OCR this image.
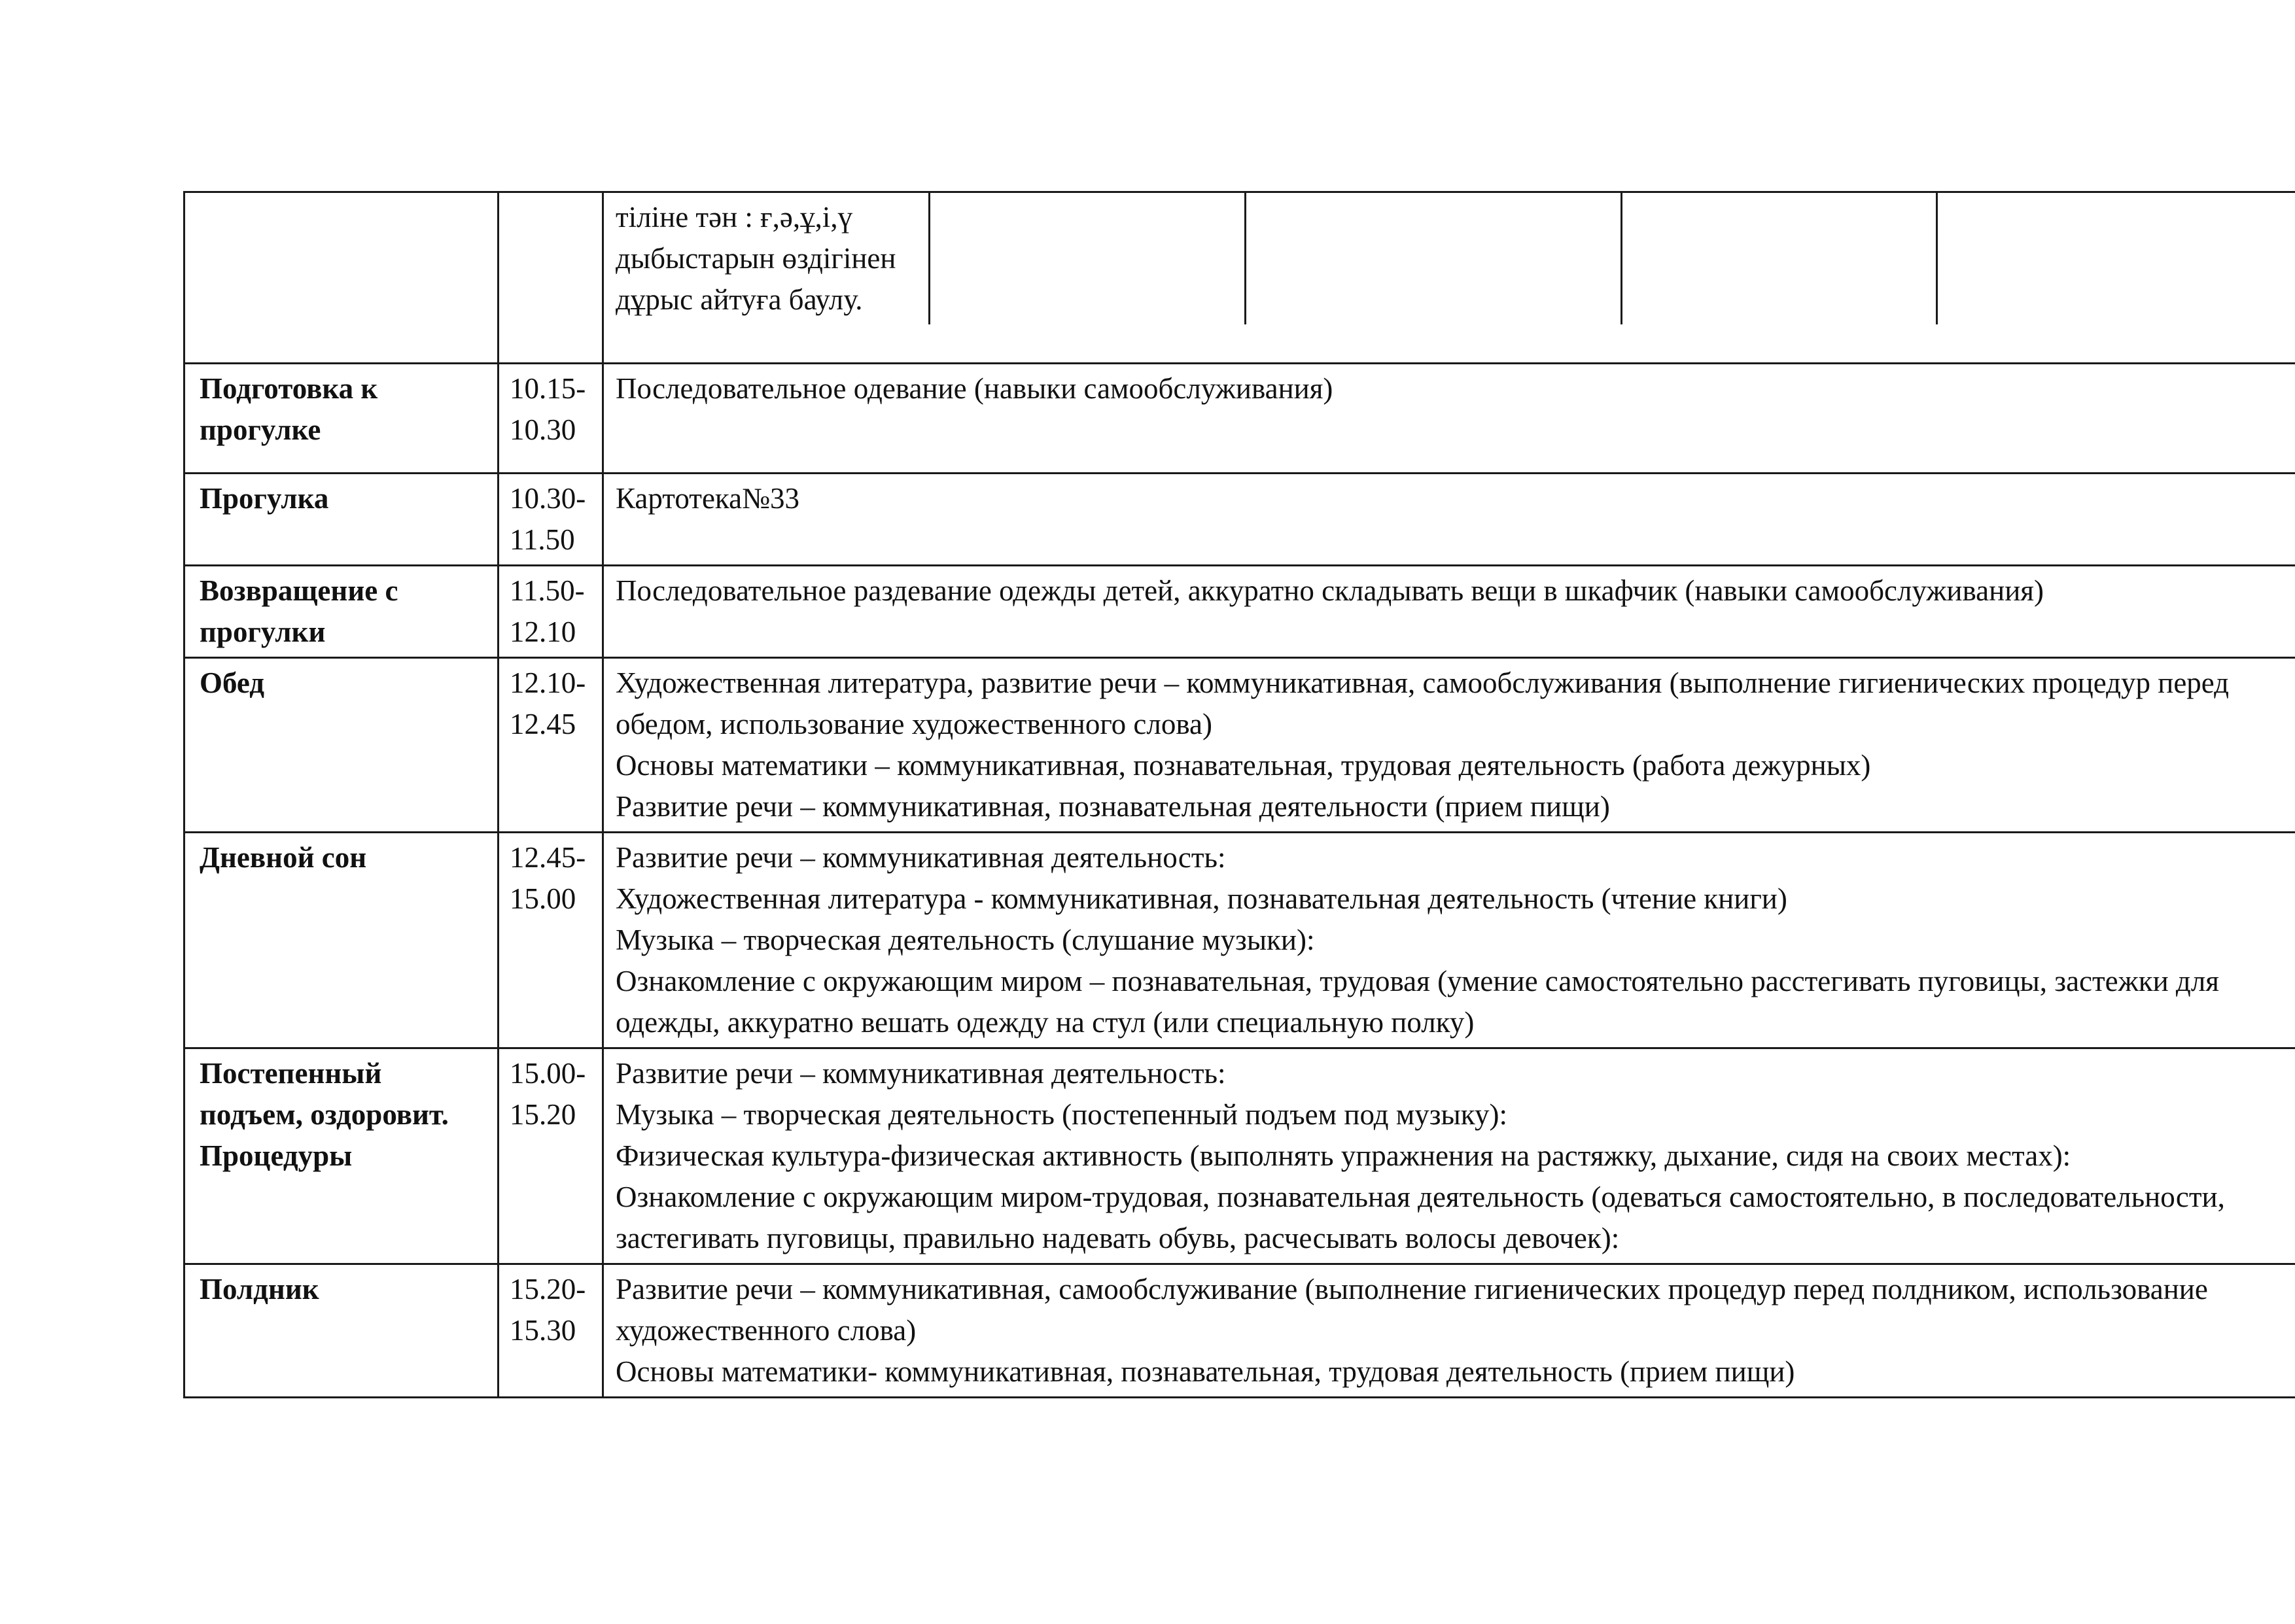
тіліне тән : ғ,ә,ұ,і,ү дыбыстарын өздігінен дұрыс айтуға баулу.				

Подготовка к прогулке	10.15-10.30	
Последовательное одевание (навыки самообслуживания)

Прогулка	10.30-11.50	
Картотека№33

Возвращение с прогулки	11.50-12.10	
Последовательное раздевание одежды детей, аккуратно складывать вещи в шкафчик (навыки самообслуживания)

Обед	12.10-12.45	
Художественная литература, развитие речи – коммуникативная, самообслуживания (выполнение гигиенических процедур перед обедом, использование художественного слова)
Основы математики – коммуникативная, познавательная, трудовая деятельность (работа дежурных)
Развитие речи – коммуникативная, познавательная деятельности (прием пищи)

Дневной сон	12.45-15.00	
Развитие речи – коммуникативная деятельность:
Художественная литература - коммуникативная, познавательная деятельность (чтение книги)
Музыка – творческая деятельность (слушание музыки):
Ознакомление с окружающим миром – познавательная, трудовая (умение самостоятельно расстегивать пуговицы, застежки для одежды, аккуратно вешать одежду на стул (или специальную полку)

Постепенный подъем, оздоровит. Процедуры	15.00-15.20	
Развитие речи – коммуникативная деятельность:
Музыка – творческая деятельность (постепенный подъем под музыку):
Физическая культура-физическая активность (выполнять упражнения на растяжку, дыхание, сидя на своих местах):
Ознакомление с окружающим миром-трудовая, познавательная деятельность (одеваться самостоятельно, в последовательности, застегивать пуговицы, правильно надевать обувь, расчесывать волосы девочек):

Полдник	15.20-15.30	
Развитие речи – коммуникативная, самообслуживание (выполнение гигиенических процедур перед полдником, использование художественного слова)
Основы математики- коммуникативная, познавательная, трудовая деятельность (прием пищи)
